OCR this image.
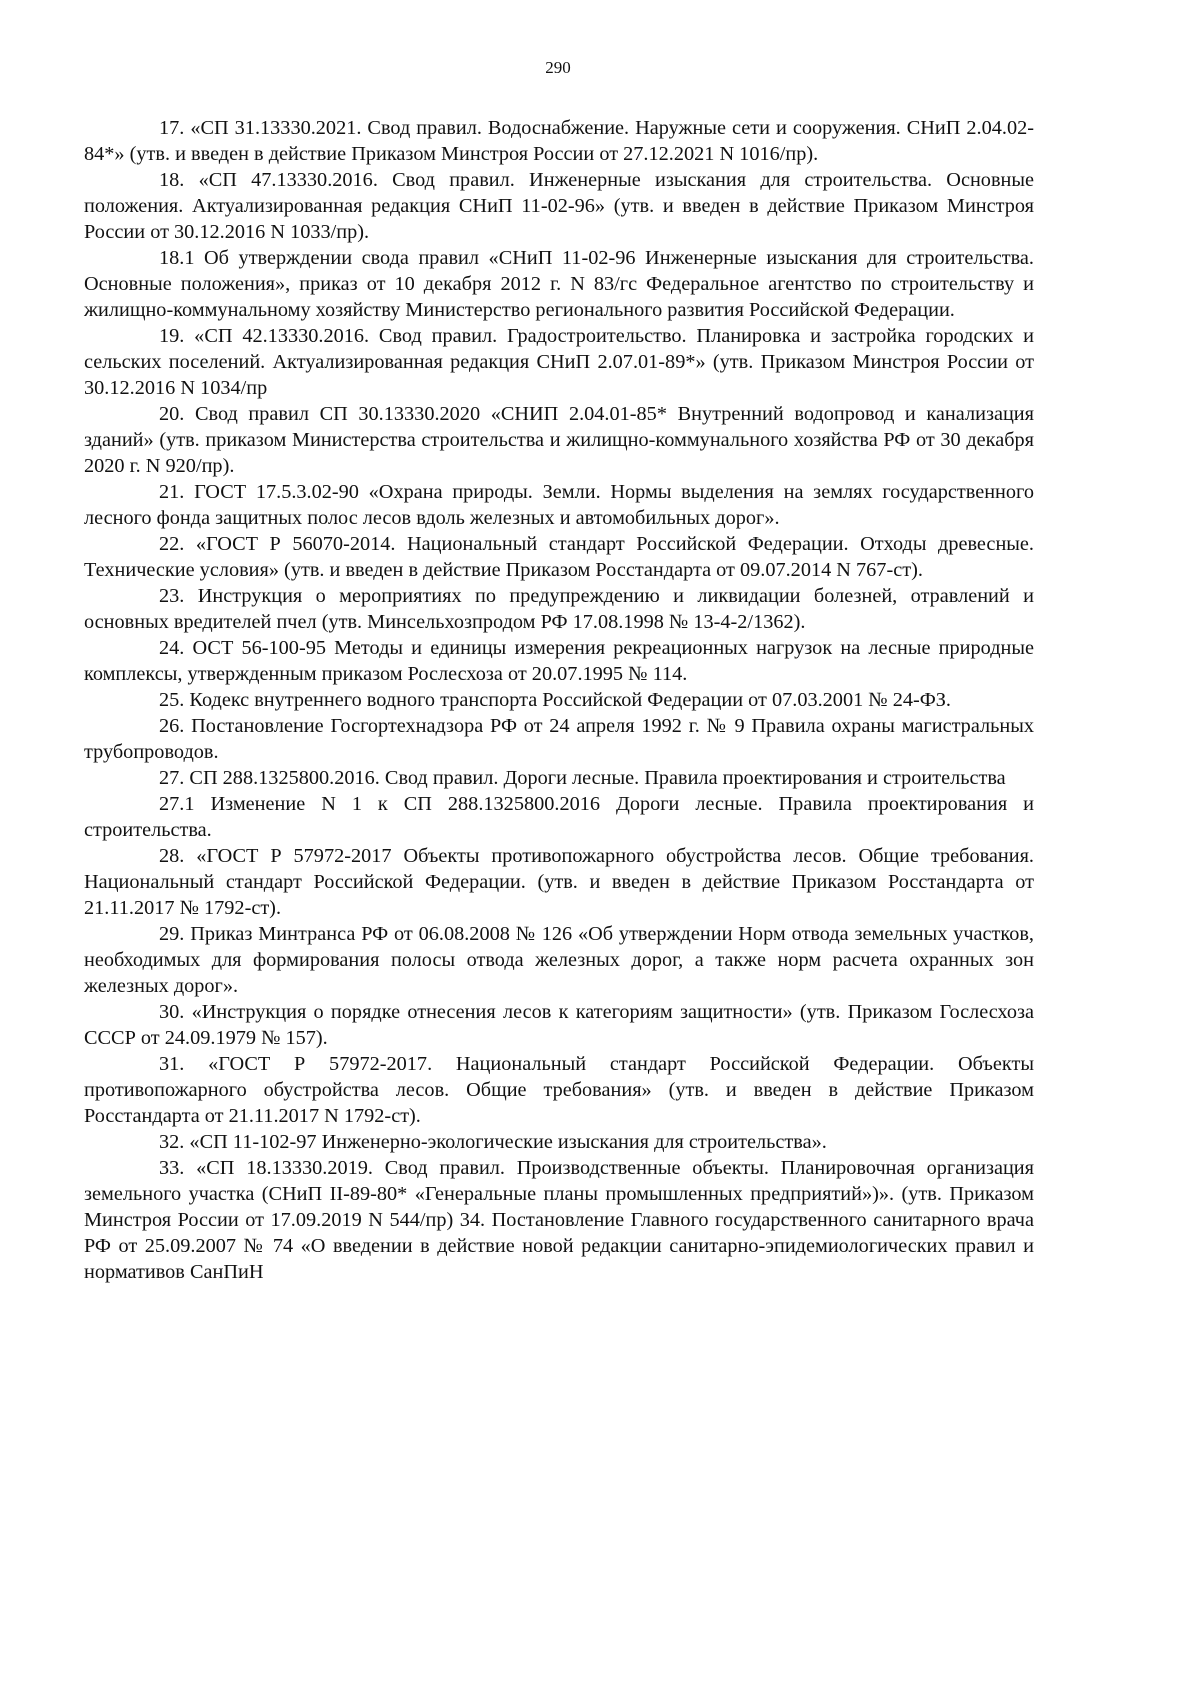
290

17. «СП 31.13330.2021. Свод правил. Водоснабжение. Наружные сети и сооружения. СНиП 2.04.02-84*» (утв. и введен в действие Приказом Минстроя России от 27.12.2021 N 1016/пр).

18. «СП 47.13330.2016. Свод правил. Инженерные изыскания для строительства. Основные положения. Актуализированная редакция СНиП 11-02-96» (утв. и введен в действие Приказом Минстроя России от 30.12.2016 N 1033/пр).

18.1 Об утверждении свода правил «СНиП 11-02-96 Инженерные изыскания для строительства. Основные положения», приказ от 10 декабря 2012 г. N 83/гс Федеральное агентство по строительству и жилищно-коммунальному хозяйству Министерство регионального развития Российской Федерации.

19. «СП 42.13330.2016. Свод правил. Градостроительство. Планировка и застройка городских и сельских поселений. Актуализированная редакция СНиП 2.07.01-89*» (утв. Приказом Минстроя России от 30.12.2016 N 1034/пр

20. Свод правил СП 30.13330.2020 «СНИП 2.04.01-85* Внутренний водопровод и канализация зданий» (утв. приказом Министерства строительства и жилищно-коммунального хозяйства РФ от 30 декабря 2020 г. N 920/пр).

21. ГОСТ 17.5.3.02-90 «Охрана природы. Земли. Нормы выделения на землях государственного лесного фонда защитных полос лесов вдоль железных и автомобильных дорог».

22. «ГОСТ Р 56070-2014. Национальный стандарт Российской Федерации. Отходы древесные. Технические условия» (утв. и введен в действие Приказом Росстандарта от 09.07.2014 N 767-ст).

23. Инструкция о мероприятиях по предупреждению и ликвидации болезней, отравлений и основных вредителей пчел (утв. Минсельхозпродом РФ 17.08.1998 № 13-4-2/1362).

24. ОСТ 56-100-95 Методы и единицы измерения рекреационных нагрузок на лесные природные комплексы, утвержденным приказом Рослесхоза от 20.07.1995 № 114.

25. Кодекс внутреннего водного транспорта Российской Федерации от 07.03.2001 № 24-ФЗ.

26. Постановление Госгортехнадзора РФ от 24 апреля 1992 г. № 9 Правила охраны магистральных трубопроводов.

27. СП 288.1325800.2016. Свод правил. Дороги лесные. Правила проектирования и строительства

27.1 Изменение N 1 к СП 288.1325800.2016 Дороги лесные. Правила проектирования и строительства.

28. «ГОСТ Р 57972-2017 Объекты противопожарного обустройства лесов. Общие требования. Национальный стандарт Российской Федерации. (утв. и введен в действие Приказом Росстандарта от 21.11.2017 № 1792-ст).

29. Приказ Минтранса РФ от 06.08.2008 № 126 «Об утверждении Норм отвода земельных участков, необходимых для формирования полосы отвода железных дорог, а также норм расчета охранных зон железных дорог».

30. «Инструкция о порядке отнесения лесов к категориям защитности» (утв. Приказом Гослесхоза СССР от 24.09.1979 № 157).

31. «ГОСТ Р 57972-2017. Национальный стандарт Российской Федерации. Объекты противопожарного обустройства лесов. Общие требования» (утв. и введен в действие Приказом Росстандарта от 21.11.2017 N 1792-ст).

32. «СП 11-102-97 Инженерно-экологические изыскания для строительства».

33. «СП 18.13330.2019. Свод правил. Производственные объекты. Планировочная организация земельного участка (СНиП II-89-80* «Генеральные планы промышленных предприятий»)». (утв. Приказом Минстроя России от 17.09.2019 N 544/пр) 34. Постановление Главного государственного санитарного врача РФ от 25.09.2007 № 74 «О введении в действие новой редакции санитарно-эпидемиологических правил и нормативов СанПиН
